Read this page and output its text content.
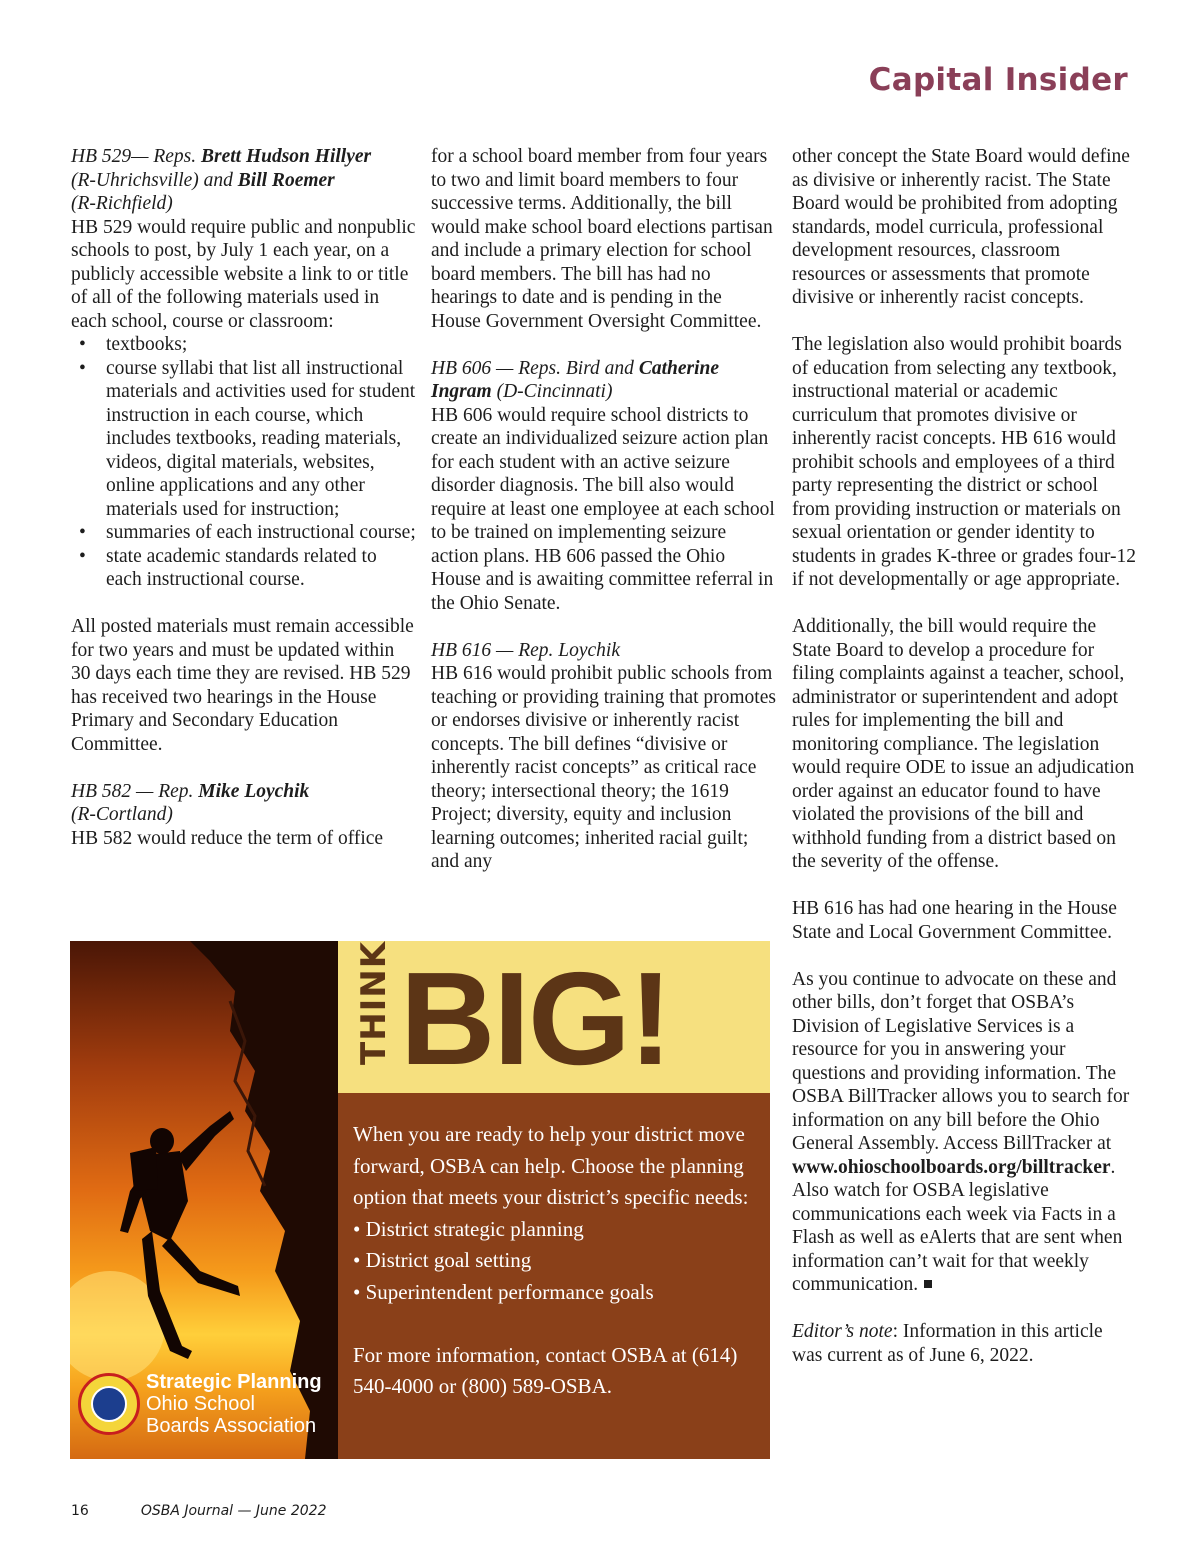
Capital Insider

HB 529— Reps. Brett Hudson Hillyer
(R-Uhrichsville) and Bill Roemer
(R-Richfield)

HB 529 would require public and nonpublic schools to post, by July 1 each year, on a publicly accessible website a link to or title of all of the following materials used in each school, course or classroom:

• textbooks;
• course syllabi that list all instructional materials and activities used for student instruction in each course, which includes textbooks, reading materials, videos, digital materials, websites, online applications and any other materials used for instruction;
• summaries of each instructional course;
• state academic standards related to each instructional course.

All posted materials must remain accessible for two years and must be updated within 30 days each time they are revised. HB 529 has received two hearings in the House Primary and Secondary Education Committee.

HB 582 — Rep. Mike Loychik
(R-Cortland)

HB 582 would reduce the term of office

for a school board member from four years to two and limit board members to four successive terms. Additionally, the bill would make school board elections partisan and include a primary election for school board members. The bill has had no hearings to date and is pending in the House Government Oversight Committee.

HB 606 — Reps. Bird and Catherine Ingram (D-Cincinnati)

HB 606 would require school districts to create an individualized seizure action plan for each student with an active seizure disorder diagnosis. The bill also would require at least one employee at each school to be trained on implementing seizure action plans. HB 606 passed the Ohio House and is awaiting committee referral in the Ohio Senate.

HB 616 — Rep. Loychik

HB 616 would prohibit public schools from teaching or providing training that promotes or endorses divisive or inherently racist concepts. The bill defines “divisive or inherently racist concepts” as critical race theory; intersectional theory; the 1619 Project; diversity, equity and inclusion learning outcomes; inherited racial guilt; and any

other concept the State Board would define as divisive or inherently racist. The State Board would be prohibited from adopting standards, model curricula, professional development resources, classroom resources or assessments that promote divisive or inherently racist concepts.

The legislation also would prohibit boards of education from selecting any textbook, instructional material or academic curriculum that promotes divisive or inherently racist concepts. HB 616 would prohibit schools and employees of a third party representing the district or school from providing instruction or materials on sexual orientation or gender identity to students in grades K-three or grades four-12 if not developmentally or age appropriate.

Additionally, the bill would require the State Board to develop a procedure for filing complaints against a teacher, school, administrator or superintendent and adopt rules for implementing the bill and monitoring compliance. The legislation would require ODE to issue an adjudication order against an educator found to have violated the provisions of the bill and withhold funding from a district based on the severity of the offense.

HB 616 has had one hearing in the House State and Local Government Committee.

As you continue to advocate on these and other bills, don’t forget that OSBA’s Division of Legislative Services is a resource for you in answering your questions and providing information. The OSBA BillTracker allows you to search for information on any bill before the Ohio General Assembly. Access BillTracker at www.ohioschoolboards.org/billtracker. Also watch for OSBA legislative communications each week via Facts in a Flash as well as eAlerts that are sent when information can’t wait for that weekly communication.

Editor’s note: Information in this article was current as of June 6, 2022.

Strategic Planning
Ohio School
Boards Association
THINK BIG!

When you are ready to help your district move forward, OSBA can help. Choose the planning option that meets your district’s specific needs:

• District strategic planning

• District goal setting

• Superintendent performance goals

For more information, contact OSBA at (614) 540-4000 or (800) 589-OSBA.

16	OSBA Journal — June 2022
